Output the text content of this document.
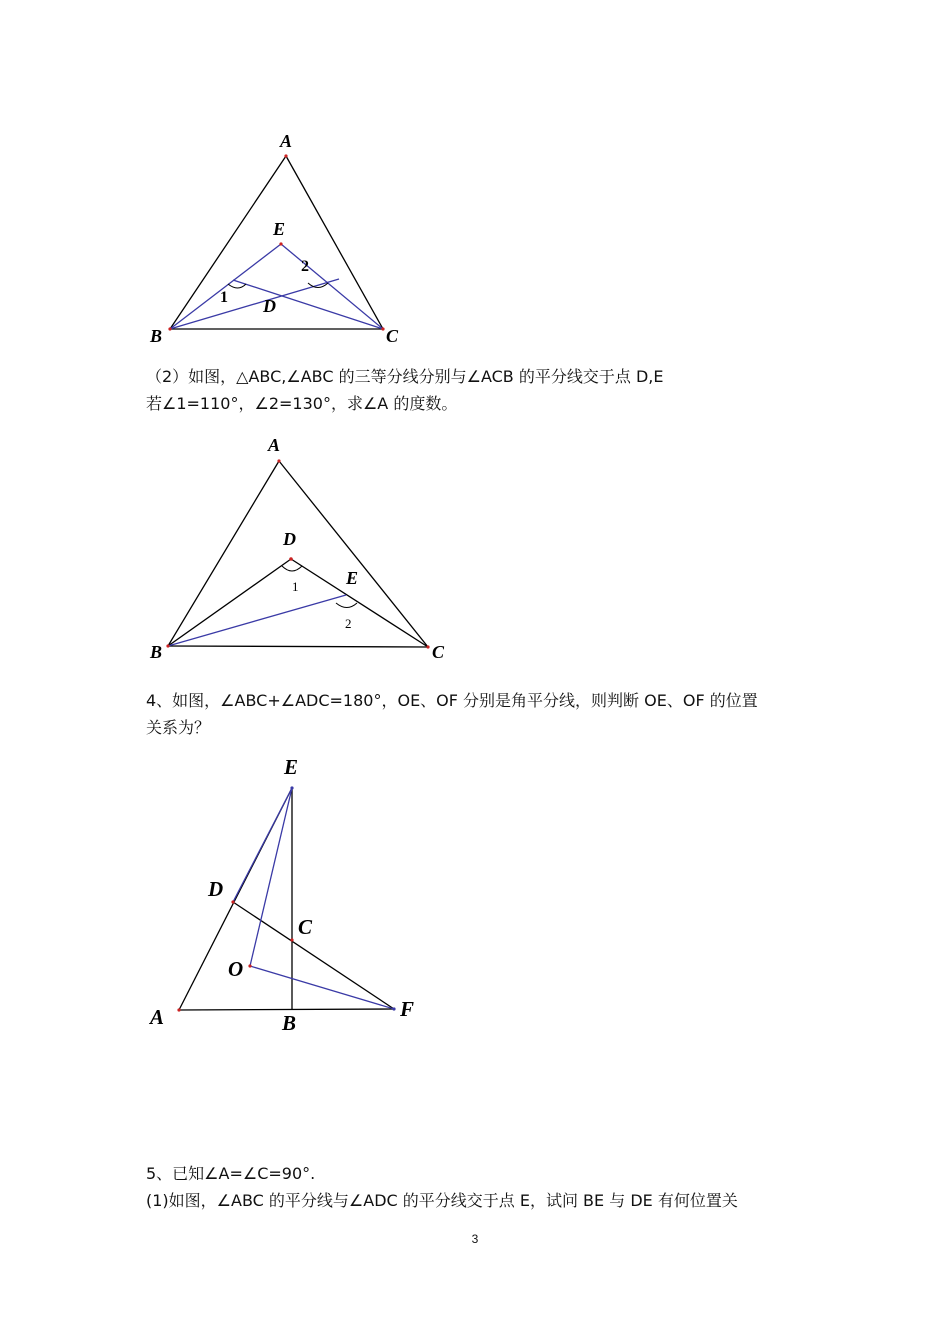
A
E
D
B	C
1
2
A
D
E
B	C
1
2
E
D
C
O
A	B
F
（2）如图，△ABC,∠ABC 的三等分线分别与∠ACB 的平分线交于点 D,E
若∠1=110°，∠2=130°，求∠A 的度数。
4、如图，∠ABC+∠ADC=180°，OE、OF 分别是角平分线，则判断 OE、OF 的位置
关系为？
5、已知∠A=∠C=90°.
(1)如图，∠ABC 的平分线与∠ADC 的平分线交于点 E，试问 BE 与 DE 有何位置关
3
